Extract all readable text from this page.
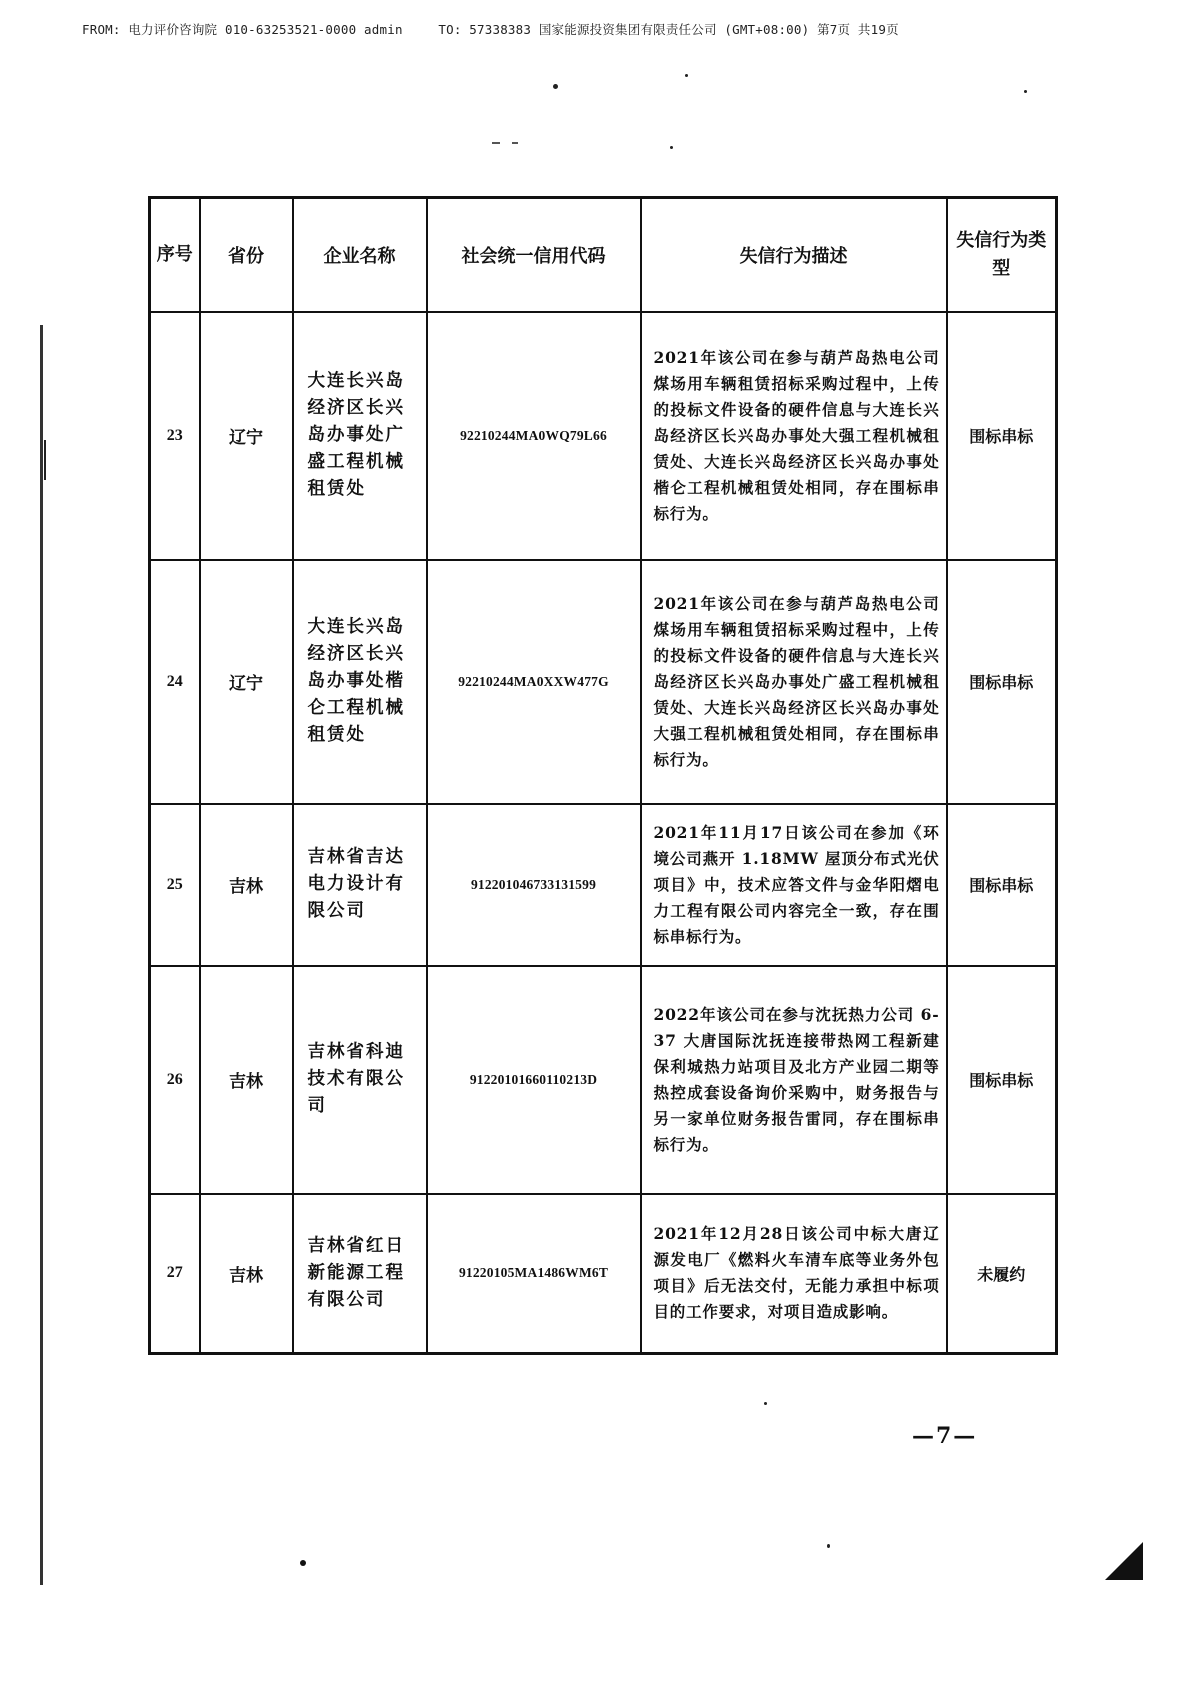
FROM: 电力评价咨询院 010-63253521-0000 admin	TO: 57338383 国家能源投资集团有限责任公司 (GMT+08:00) 第7页 共19页
序号	省份	企业名称	社会统一信用代码	失信行为描述	失信行为类型
23	辽宁	大连长兴岛经济区长兴岛办事处广盛工程机械租赁处	92210244MA0WQ79L66	2021年该公司在参与葫芦岛热电公司煤场用车辆租赁招标采购过程中，上传的投标文件设备的硬件信息与大连长兴岛经济区长兴岛办事处大强工程机械租赁处、大连长兴岛经济区长兴岛办事处楷仑工程机械租赁处相同，存在围标串标行为。	围标串标
24	辽宁	大连长兴岛经济区长兴岛办事处楷仑工程机械租赁处	92210244MA0XXW477G	2021年该公司在参与葫芦岛热电公司煤场用车辆租赁招标采购过程中，上传的投标文件设备的硬件信息与大连长兴岛经济区长兴岛办事处广盛工程机械租赁处、大连长兴岛经济区长兴岛办事处大强工程机械租赁处相同，存在围标串标行为。	围标串标
25	吉林	吉林省吉达电力设计有限公司	91220104673313159​9	2021年11月17日该公司在参加《环境公司燕开 1.18MW 屋顶分布式光伏项目》中，技术应答文件与金华阳熠电力工程有限公司内容完全一致，存在围标串标行为。	围标串标
26	吉林	吉林省科迪技术有限公司	91220101660110213D	2022年该公司在参与沈抚热力公司 6-37 大唐国际沈抚连接带热网工程新建保利城热力站项目及北方产业园二期等热控成套设备询价采购中，财务报告与另一家单位财务报告雷同，存在围标串标行为。	围标串标
27	吉林	吉林省红日新能源工程有限公司	91220105MA1486WM6T	2021年12月28日该公司中标大唐辽源发电厂《燃料火车清车底等业务外包项目》后无法交付，无能力承担中标项目的工作要求，对项目造成影响。	未履约
—7—
